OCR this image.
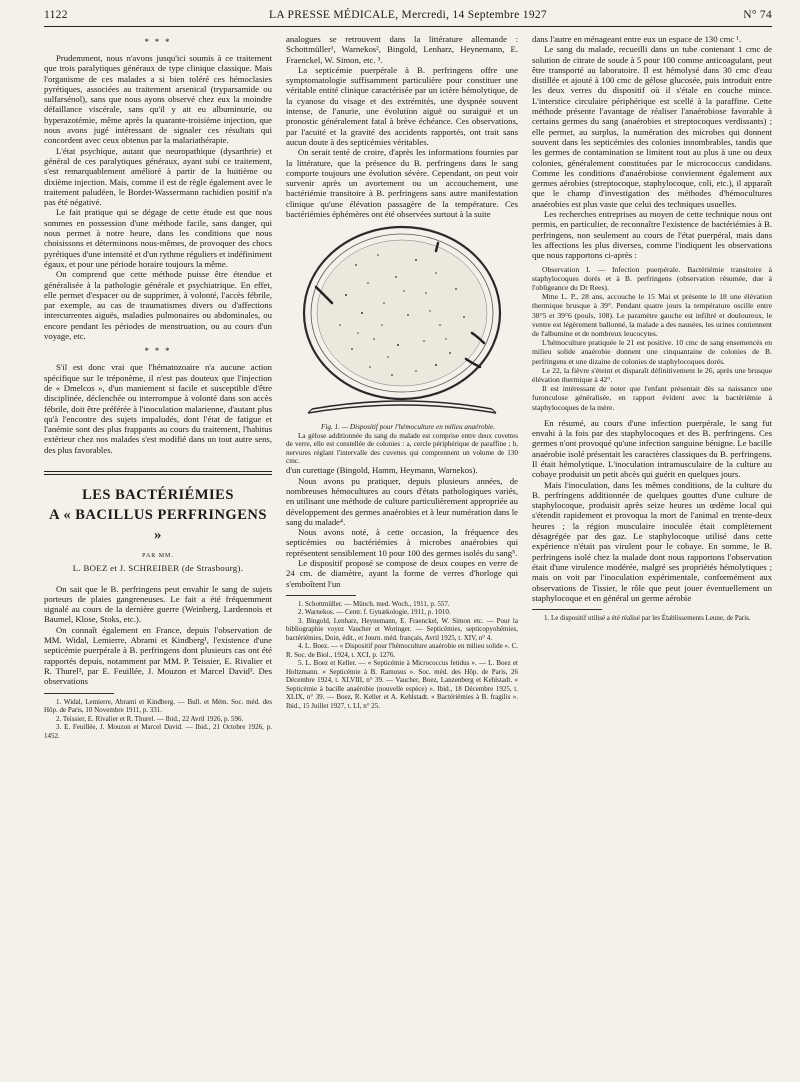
1122	LA PRESSE MÉDICALE, Mercredi, 14 Septembre 1927	N° 74
* * *

Prudemment, nous n'avons jusqu'ici soumis à ce traitement que trois paralytiques généraux de type clinique classique. Mais l'organisme de ces malades a si bien toléré ces hémoclasies pyrétiques, associées au traitement arsenical (tryparsamide ou sulfarsénol), sans que nous ayons observé chez eux la moindre défaillance viscérale, sans qu'il y ait eu albuminurie, ou hyperazotémie, même après la quarante-troisième injection, que nous avons jugé intéressant de signaler ces résultats qui concordent avec ceux obtenus par la malariathérapie.

L'état psychique, autant que neuropathique (dysarthrie) et général de ces paralytiques généraux, ayant subi ce traitement, s'est remarquablement amélioré à partir de la huitième ou dixième injection. Mais, comme il est de règle également avec le traitement paludéen, le Bordet-Wassermann rachidien positif n'a pas été négativé.

Le fait pratique qui se dégage de cette étude est que nous sommes en possession d'une méthode facile, sans danger, qui nous permet à notre heure, dans les conditions que nous choisissons et déterminons nous-mêmes, de provoquer des chocs pyrétiques d'une intensité et d'un rythme réguliers et indéfiniment égaux, et pour une période horaire toujours la même.

On comprend que cette méthode puisse être étendue et généralisée à la pathologie générale et psychiatrique. En effet, elle permet d'espacer ou de supprimer, à volonté, l'accès fébrile, par exemple, au cas de traumatismes divers ou d'affections intercurrentes aiguës, maladies pulmonaires ou abdominales, ou encore pendant les périodes de menstruation, ou au cours d'un voyage, etc.

* * *

S'il est donc vrai que l'hématozoaire n'a aucune action spécifique sur le tréponème, il n'est pas douteux que l'injection de « Dmelcos », d'un maniement si facile et susceptible d'être disciplinée, déclenchée ou interrompue à volonté dans son accès fébrile, doit être préférée à l'inoculation malarienne, d'autant plus qu'à l'encontre des sujets impaludés, dont l'état de fatigue et l'anémie sont des plus frappants au cours du traitement, l'habitus extérieur chez nos malades s'est modifié dans un tout autre sens, des plus favorables.

LES BACTÉRIÉMIES
A « BACILLUS PERFRINGENS »
PAR MM.
L. BOEZ et J. SCHREIBER (de Strasbourg).

On sait que le B. perfringens peut envahir le sang de sujets porteurs de plaies gangreneuses. Le fait a été fréquemment signalé au cours de la dernière guerre (Weinberg, Lardennois et Baumel, Klose, Stoks, etc.).

On connaît également en France, depuis l'observation de MM. Widal, Lemierre, Abrami et Kindberg¹, l'existence d'une septicémie puerpérale à B. perfringens dont plusieurs cas ont été rapportés depuis, notamment par MM. P. Teissier, E. Rivalier et R. Thurel², par E. Feuillée, J. Mouzon et Marcel David³. Des observations

1. Widal, Lemierre, Abrami et Kindberg. — Bull. et Mém. Soc. méd. des Hôp. de Paris, 10 Novembre 1911, p. 331.

2. Teissier, E. Rivalier et R. Thurel. — Ibid., 22 Avril 1926, p. 596.

3. E. Feuillée, J. Mouzon et Marcel David. — Ibid., 21 Octobre 1926, p. 1452.

analogues se retrouvent dans la littérature allemande : Schottmüller¹, Warnekos², Bingold, Lenharz, Heynemann, E. Fraenckel, W. Simon, etc. ³.

La septicémie puerpérale à B. perfringens offre une symptomatologie suffisamment particulière pour constituer une véritable entité clinique caractérisée par un ictère hémolytique, de la cyanose du visage et des extrémités, une dyspnée souvent intense, de l'anurie, une évolution aiguë ou suraiguë et un pronostic généralement fatal à brève échéance. Ces observations, par l'acuité et la gravité des accidents rapportés, ont trait sans aucun doute à des septicémies véritables.

On serait tenté de croire, d'après les informations fournies par la littérature, que la présence du B. perfringens dans le sang comporte toujours une évolution sévère. Cependant, on peut voir survenir après un avortement ou un accouchement, une bactériémie transitoire à B. perfringens sans autre manifestation clinique qu'une élévation passagère de la température. Ces bactériémies éphémères ont été observées surtout à la suite

Fig. 1. — Dispositif pour l'hémoculture en milieu anaérobie.

La gélose additionnée du sang du malade est comprise entre deux cuvettes de verre, elle est constellée de colonies : a, cercle périphérique de paraffine ; b, nervures réglant l'intervalle des cuvettes qui comprennent un volume de 130 cmc.

d'un curettage (Bingold, Hamm, Heymann, Warnekos).

Nous avons pu pratiquer, depuis plusieurs années, de nombreuses hémocultures au cours d'états pathologiques variés, en utilisant une méthode de culture particulièrement appropriée au développement des germes anaérobies et à leur numération dans le sang du malade⁴.

Nous avons noté, à cette occasion, la fréquence des septicémies ou bactériémies à microbes anaérobies qui représentent sensiblement 10 pour 100 des germes isolés du sang⁵.

Le dispositif proposé se compose de deux coupes en verre de 24 cm. de diamètre, ayant la forme de verres d'horloge qui s'emboîtent l'un

1. Schottmüller. — Münch. med. Woch., 1911, p. 557.

2. Warnekos. — Centr. f. Gynækologie, 1911, p. 1010.

3. Bingold, Lenharz, Heynemann, E. Fraenckel, W. Simon etc. — Pour la bibliographie voyez Vaucher et Woringer. — Septicémies, septicopyohémies, bactériémies, Doin, édit., et Journ. méd. français, Avril 1925, t. XIV, n° 4.

4. L. Boez. — « Dispositif pour l'hémoculture anaérobie en milieu solide ». C. R. Soc. de Biol., 1924, t. XCI, p. 1276.

5. L. Boez et Keller. — « Septicémie à Micrococcus fetidus ». — L. Boez et Holtzmann. « Septicémie à B. Ramosus ». Soc. méd. des Hôp. de Paris, 26 Décembre 1924, t. XLVIII, n° 39. — Vaucher, Boez, Lanzenberg et Kehlstadt. « Septicémie à bacille anaérobie (nouvelle espèce) ». Ibid., 18 Décembre 1925, t. XLIX, n° 39. — Boez, R. Keller et A. Kehlstadt. « Bactériémies à B. fragilis ». Ibid., 15 Juillet 1927, t. LI, n° 25.

dans l'autre en ménageant entre eux un espace de 130 cmc ¹.

Le sang du malade, recueilli dans un tube contenant 1 cmc de solution de citrate de soude à 5 pour 100 comme anticoagulant, peut être transporté au laboratoire. Il est hémolysé dans 30 cmc d'eau distillée et ajouté à 100 cmc de gélose glucosée, puis introduit entre les deux verres du dispositif où il s'étale en couche mince. L'interstice circulaire périphérique est scellé à la paraffine. Cette méthode présente l'avantage de réaliser l'anaérobiose favorable à certains germes du sang (anaérobies et streptocoques verdissants) ; elle permet, au surplus, la numération des microbes qui donnent souvent dans les septicémies des colonies innombrables, tandis que les germes de contamination se limitent tout au plus à une ou deux colonies, généralement constituées par le micrococcus candidans. Comme les conditions d'anaérobiose conviennent également aux germes aérobies (streptocoque, staphylocoque, coli, etc.), il apparaît que le champ d'investigation des méthodes d'hémocultures anaérobies est plus vaste que celui des techniques usuelles.

Les recherches entreprises au moyen de cette technique nous ont permis, en particulier, de reconnaître l'existence de bactériémies à B. perfringens, non seulement au cours de l'état puerpéral, mais dans les affections les plus diverses, comme l'indiquent les observations que nous rapportons ci-après :

Observation I. — Infection puerpérale. Bactériémie transitoire à staphylocoques dorés et à B. perfringens (observation résumée, due à l'obligeance du Dr Rees).

Mme L. P., 28 ans, accouche le 15 Mai et présente le 18 une élévation thermique brusque à 39°. Pendant quatre jours la température oscille entre 38°5 et 39°6 (pouls, 108). Le paramètre gauche est infiltré et douloureux, le ventre est légèrement ballonné, la malade a des nausées, les urines contiennent de l'albumine et de nombreux leucocytes.

L'hémoculture pratiquée le 21 est positive. 10 cmc de sang ensemencés en milieu solide anaérobie donnent une cinquantaine de colonies de B. perfringens et une dizaine de colonies de staphylocoques dorés.

Le 22, la fièvre s'éteint et disparaît définitivement le 26, après une brusque élévation thermique à 42°.

Il est intéressant de noter que l'enfant présentait dès sa naissance une furonculose généralisée, en rapport évident avec la bactériémie à staphylocoques de la mère.

En résumé, au cours d'une infection puerpérale, le sang fut envahi à la fois par des staphylocoques et des B. perfringens. Ces germes n'ont provoqué qu'une infection sanguine bénigne. Le bacille anaérobie isolé présentait les caractères classiques du B. perfringens. Il était hémolytique. L'inoculation intramusculaire de la culture au cobaye produisit un petit abcès qui guérit en quelques jours.

Mais l'inoculation, dans les mêmes conditions, de la culture du B. perfringens additionnée de quelques gouttes d'une culture de staphylocoque, produisit après seize heures un œdème local qui s'étendit rapidement et provoqua la mort de l'animal en trente-deux heures ; la région musculaire inoculée était complètement désagrégée par des gaz. Le staphylocoque utilisé dans cette expérience n'était pas virulent pour le cobaye. En somme, le B. perfringens isolé chez la malade dont nous rapportons l'observation était d'une virulence modérée, malgré ses propriétés hémolytiques ; mais on voit par l'inoculation expérimentale, conformément aux observations de Tissier, le rôle que peut jouer éventuellement un staphylocoque et en général un germe aérobie

1. Le dispositif utilisé a été réalisé par les Établissements Leune, de Paris.
